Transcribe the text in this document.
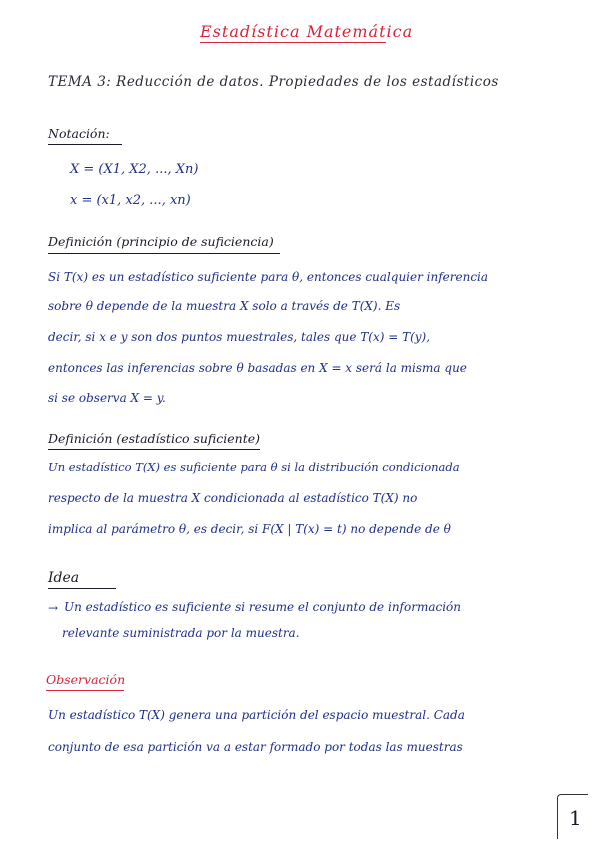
Estadística Matemática
TEMA 3: Reducción de datos. Propiedades de los estadísticos
Notación:
X = (X1, X2, ..., Xn)
x = (x1, x2, ..., xn)
Definición (principio de suficiencia)
Si T(x) es un estadístico suficiente para θ, entonces cualquier inferencia
sobre θ depende de la muestra X solo a través de T(X). Es
decir, si x e y son dos puntos muestrales, tales que T(x) = T(y),
entonces las inferencias sobre θ basadas en X = x será la misma que
si se observa X = y.
Definición (estadístico suficiente)
Un estadístico T(X) es suficiente para θ si la distribución condicionada
respecto de la muestra X condicionada al estadístico T(X) no
implica al parámetro θ, es decir, si F(X | T(x) = t) no depende de θ
Idea
→ Un estadístico es suficiente si resume el conjunto de información
relevante suministrada por la muestra.
Observación
Un estadístico T(X) genera una partición del espacio muestral. Cada
conjunto de esa partición va a estar formado por todas las muestras
1
